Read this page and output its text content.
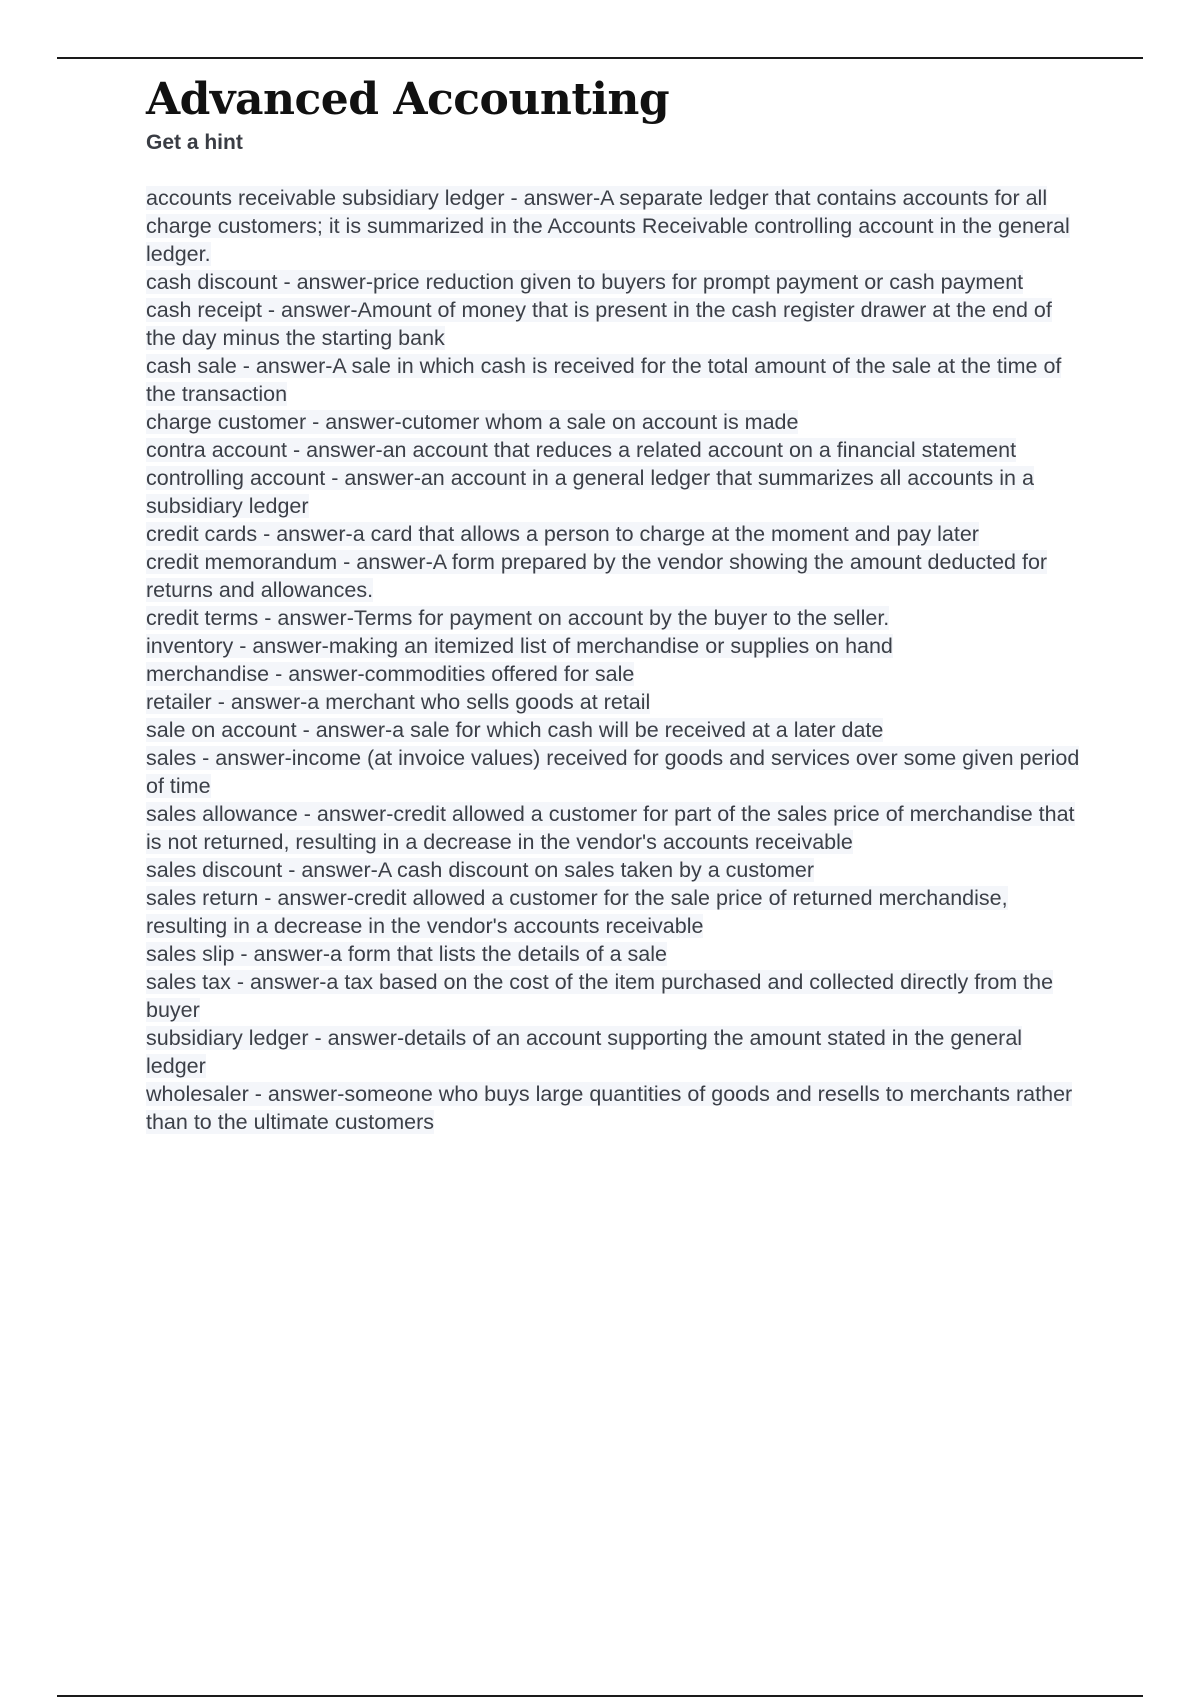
Advanced Accounting
Get a hint
accounts receivable subsidiary ledger - answer-A separate ledger that contains accounts for all charge customers; it is summarized in the Accounts Receivable controlling account in the general ledger.
cash discount - answer-price reduction given to buyers for prompt payment or cash payment
cash receipt - answer-Amount of money that is present in the cash register drawer at the end of the day minus the starting bank
cash sale - answer-A sale in which cash is received for the total amount of the sale at the time of the transaction
charge customer - answer-cutomer whom a sale on account is made
contra account - answer-an account that reduces a related account on a financial statement
controlling account - answer-an account in a general ledger that summarizes all accounts in a subsidiary ledger
credit cards - answer-a card that allows a person to charge at the moment and pay later
credit memorandum - answer-A form prepared by the vendor showing the amount deducted for returns and allowances.
credit terms - answer-Terms for payment on account by the buyer to the seller.
inventory - answer-making an itemized list of merchandise or supplies on hand
merchandise - answer-commodities offered for sale
retailer - answer-a merchant who sells goods at retail
sale on account - answer-a sale for which cash will be received at a later date
sales - answer-income (at invoice values) received for goods and services over some given period of time
sales allowance - answer-credit allowed a customer for part of the sales price of merchandise that is not returned, resulting in a decrease in the vendor's accounts receivable
sales discount - answer-A cash discount on sales taken by a customer
sales return - answer-credit allowed a customer for the sale price of returned merchandise, resulting in a decrease in the vendor's accounts receivable
sales slip - answer-a form that lists the details of a sale
sales tax - answer-a tax based on the cost of the item purchased and collected directly from the buyer
subsidiary ledger - answer-details of an account supporting the amount stated in the general ledger
wholesaler - answer-someone who buys large quantities of goods and resells to merchants rather than to the ultimate customers
